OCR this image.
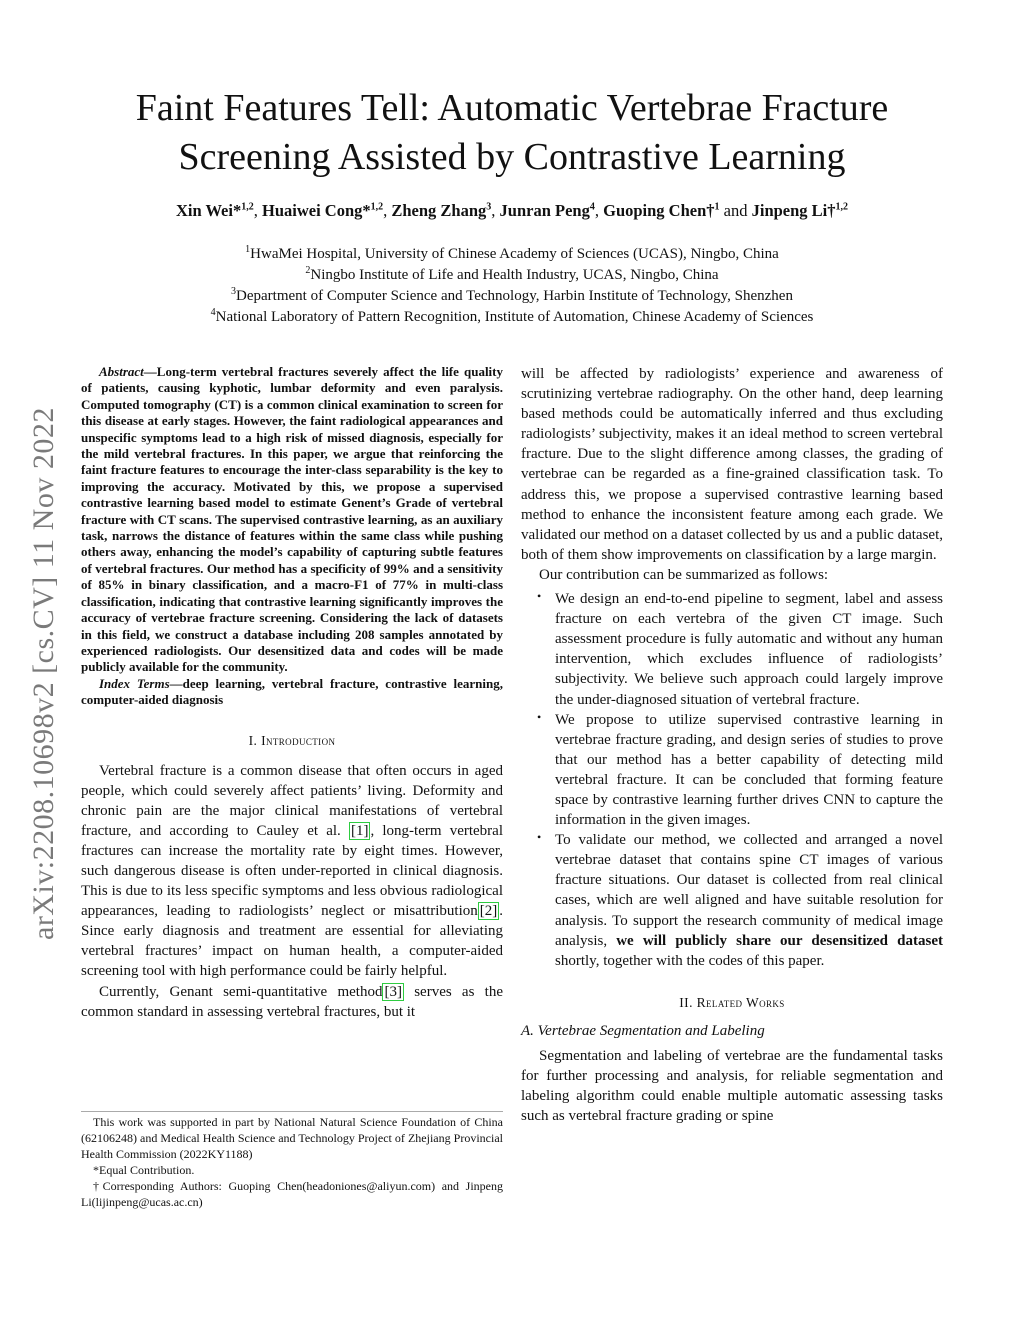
arXiv:2208.10698v2 [cs.CV] 11 Nov 2022
Faint Features Tell: Automatic Vertebrae Fracture
Screening Assisted by Contrastive Learning
Xin Wei*$^{1,2}$, Huaiwei Cong*$^{1,2}$, Zheng Zhang$^3$, Junran Peng$^4$, Guoping Chen†$^1$ and Jinpeng Li†$^{1,2}$
$^1$HwaMei Hospital, University of Chinese Academy of Sciences (UCAS), Ningbo, China
$^2$Ningbo Institute of Life and Health Industry, UCAS, Ningbo, China
$^3$Department of Computer Science and Technology, Harbin Institute of Technology, Shenzhen
$^4$National Laboratory of Pattern Recognition, Institute of Automation, Chinese Academy of Sciences

Abstract—Long-term vertebral fractures severely affect the life quality of patients, causing kyphotic, lumbar deformity and even paralysis. Computed tomography (CT) is a common clinical examination to screen for this disease at early stages. However, the faint radiological appearances and unspecific symptoms lead to a high risk of missed diagnosis, especially for the mild vertebral fractures. In this paper, we argue that reinforcing the faint fracture features to encourage the inter-class separability is the key to improving the accuracy. Motivated by this, we propose a supervised contrastive learning based model to estimate Genent’s Grade of vertebral fracture with CT scans. The supervised contrastive learning, as an auxiliary task, narrows the distance of features within the same class while pushing others away, enhancing the model’s capability of capturing subtle features of vertebral fractures. Our method has a specificity of 99% and a sensitivity of 85% in binary classification, and a macro-F1 of 77% in multi-class classification, indicating that contrastive learning significantly improves the accuracy of vertebrae fracture screening. Considering the lack of datasets in this field, we construct a database including 208 samples annotated by experienced radiologists. Our desensitized data and codes will be made publicly available for the community.

Index Terms—deep learning, vertebral fracture, contrastive learning, computer-aided diagnosis

I. Introduction

Vertebral fracture is a common disease that often occurs in aged people, which could severely affect patients’ living. Deformity and chronic pain are the major clinical manifestations of vertebral fracture, and according to Cauley et al. [1] , long-term vertebral fractures can increase the mortality rate by eight times. However, such dangerous disease is often under-reported in clinical diagnosis. This is due to its less specific symptoms and less obvious radiological appearances, leading to radiologists’ neglect or misattribution [2] . Since early diagnosis and treatment are essential for alleviating vertebral fractures’ impact on human health, a computer-aided screening tool with high performance could be fairly helpful.

Currently, Genant semi-quantitative method [3] serves as the common standard in assessing vertebral fractures, but it

This work was supported in part by National Natural Science Foundation of China (62106248) and Medical Health Science and Technology Project of Zhejiang Provincial Health Commission (2022KY1188)

*Equal Contribution.

†Corresponding Authors: Guoping Chen(headoniones@aliyun.com) and Jinpeng Li(lijinpeng@ucas.ac.cn)

will be affected by radiologists’ experience and awareness of scrutinizing vertebrae radiography. On the other hand, deep learning based methods could be automatically inferred and thus excluding radiologists’ subjectivity, makes it an ideal method to screen vertebral fracture. Due to the slight difference among classes, the grading of vertebrae can be regarded as a fine-grained classification task. To address this, we propose a supervised contrastive learning based method to enhance the inconsistent feature among each grade. We validated our method on a dataset collected by us and a public dataset, both of them show improvements on classification by a large margin.

Our contribution can be summarized as follows:

• We design an end-to-end pipeline to segment, label and assess fracture on each vertebra of the given CT image. Such assessment procedure is fully automatic and without any human intervention, which excludes influence of radiologists’ subjectivity. We believe such approach could largely improve the under-diagnosed situation of vertebral fracture.

• We propose to utilize supervised contrastive learning in vertebrae fracture grading, and design series of studies to prove that our method has a better capability of detecting mild vertebral fracture. It can be concluded that forming feature space by contrastive learning further drives CNN to capture the information in the given images.

• To validate our method, we collected and arranged a novel vertebrae dataset that contains spine CT images of various fracture situations. Our dataset is collected from real clinical cases, which are well aligned and have suitable resolution for analysis. To support the research community of medical image analysis, we will publicly share our desensitized dataset shortly, together with the codes of this paper.

II. Related Works
A. Vertebrae Segmentation and Labeling

Segmentation and labeling of vertebrae are the fundamental tasks for further processing and analysis, for reliable segmentation and labeling algorithm could enable multiple automatic assessing tasks such as vertebral fracture grading or spine
